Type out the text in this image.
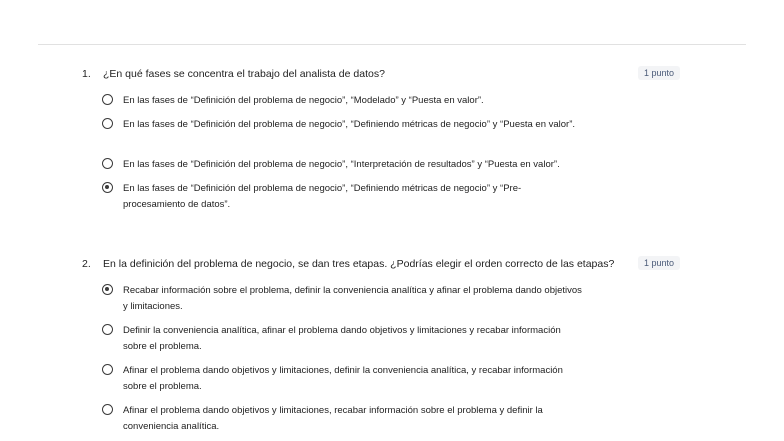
1.	¿En qué fases se concentra el trabajo del analista de datos?	1 punto
En las fases de “Definición del problema de negocio”, “Modelado” y “Puesta en valor”.
En las fases de “Definición del problema de negocio”, “Definiendo métricas de negocio” y “Puesta en valor”.
En las fases de “Definición del problema de negocio”, “Interpretación de resultados” y “Puesta en valor”.
En las fases de “Definición del problema de negocio”, “Definiendo métricas de negocio” y “Pre-procesamiento de datos”.
2.	En la definición del problema de negocio, se dan tres etapas. ¿Podrías elegir el orden correcto de las etapas?	1 punto
Recabar información sobre el problema, definir la conveniencia analítica y afinar el problema dando objetivos y limitaciones.
Definir la conveniencia analítica, afinar el problema dando objetivos y limitaciones y recabar información sobre el problema.
Afinar el problema dando objetivos y limitaciones, definir la conveniencia analítica, y recabar información sobre el problema.
Afinar el problema dando objetivos y limitaciones, recabar información sobre el problema y definir la conveniencia analítica.
